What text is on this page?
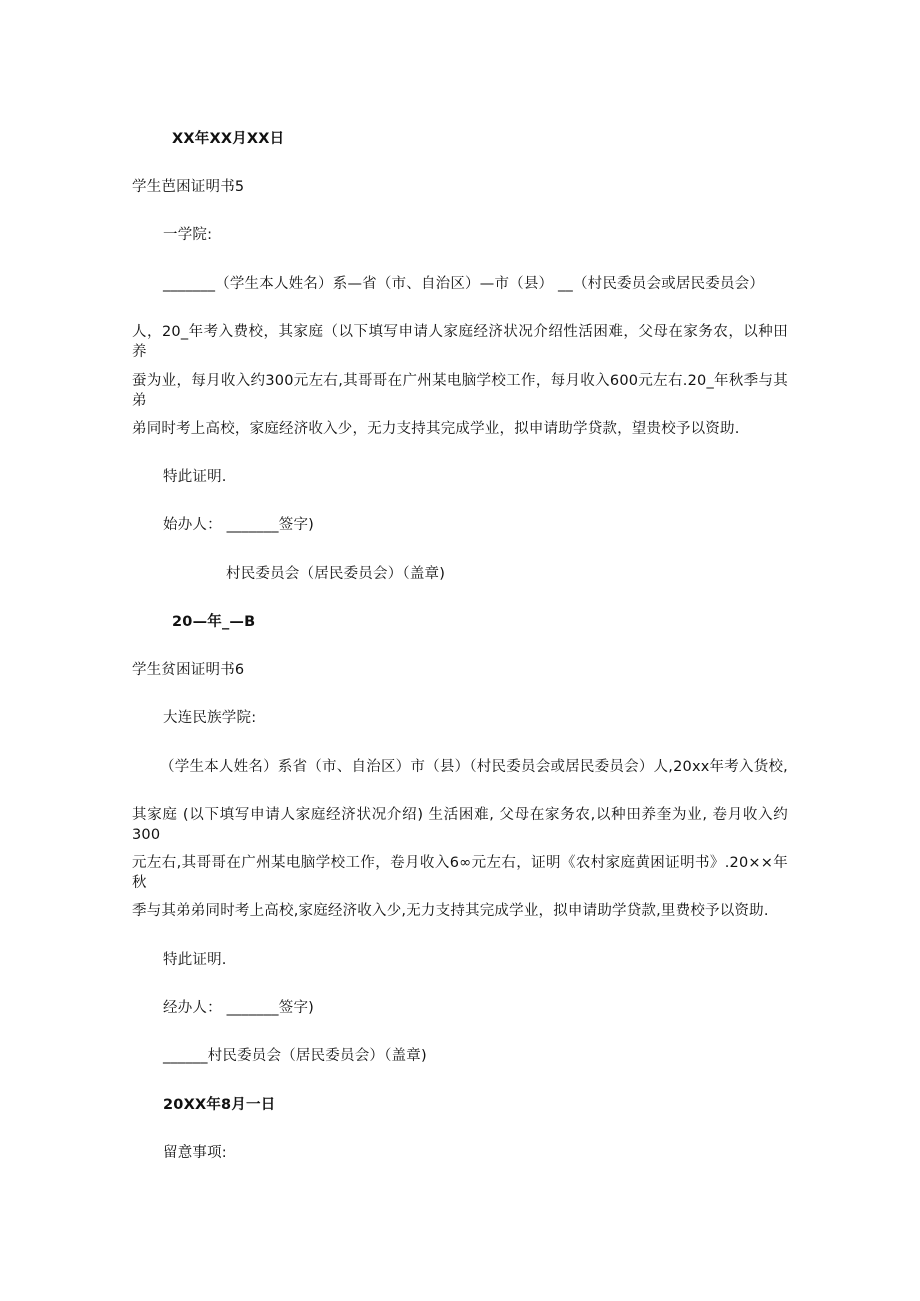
XX年XX月XX日
学生芭困证明书5
一学院:
_______（学生本人姓名）系—省（市、自治区）—市（县） __（村民委员会或居民委员会）
人，20_年考入费校，其家庭（以下填写申请人家庭经济状况介绍性活困难，父母在家务农，以种田养
蚕为业，每月收入约300元左右,其哥哥在广州某电脑学校工作，每月收入600元左右.20_年秋季与其弟
弟同时考上高校，家庭经济收入少，无力支持其完成学业，拟申请助学贷款，望贵校予以资助.
特此证明.
始办人： _______签字)
村民委员会（居民委员会）（盖章)
20—年_—B
学生贫困证明书6
大连民族学院:
（学生本人姓名）系省（市、自治区）市（县）（村民委员会或居民委员会）人,20xx年考入货校,
其家庭 (以下填写申请人家庭经济状况介绍) 生活困难, 父母在家务农,以种田养奎为业, 卷月收入约300
元左右,其哥哥在广州某电脑学校工作，卷月收入6∞元左右，证明《农村家庭黄困证明书》.20××年秋
季与其弟弟同时考上高校,家庭经济收入少,无力支持其完成学业，拟申请助学贷款,里费校予以资助.
特此证明.
经办人： _______签字)
______村民委员会（居民委员会）（盖章)
20XX年8月一日
留意事项:
